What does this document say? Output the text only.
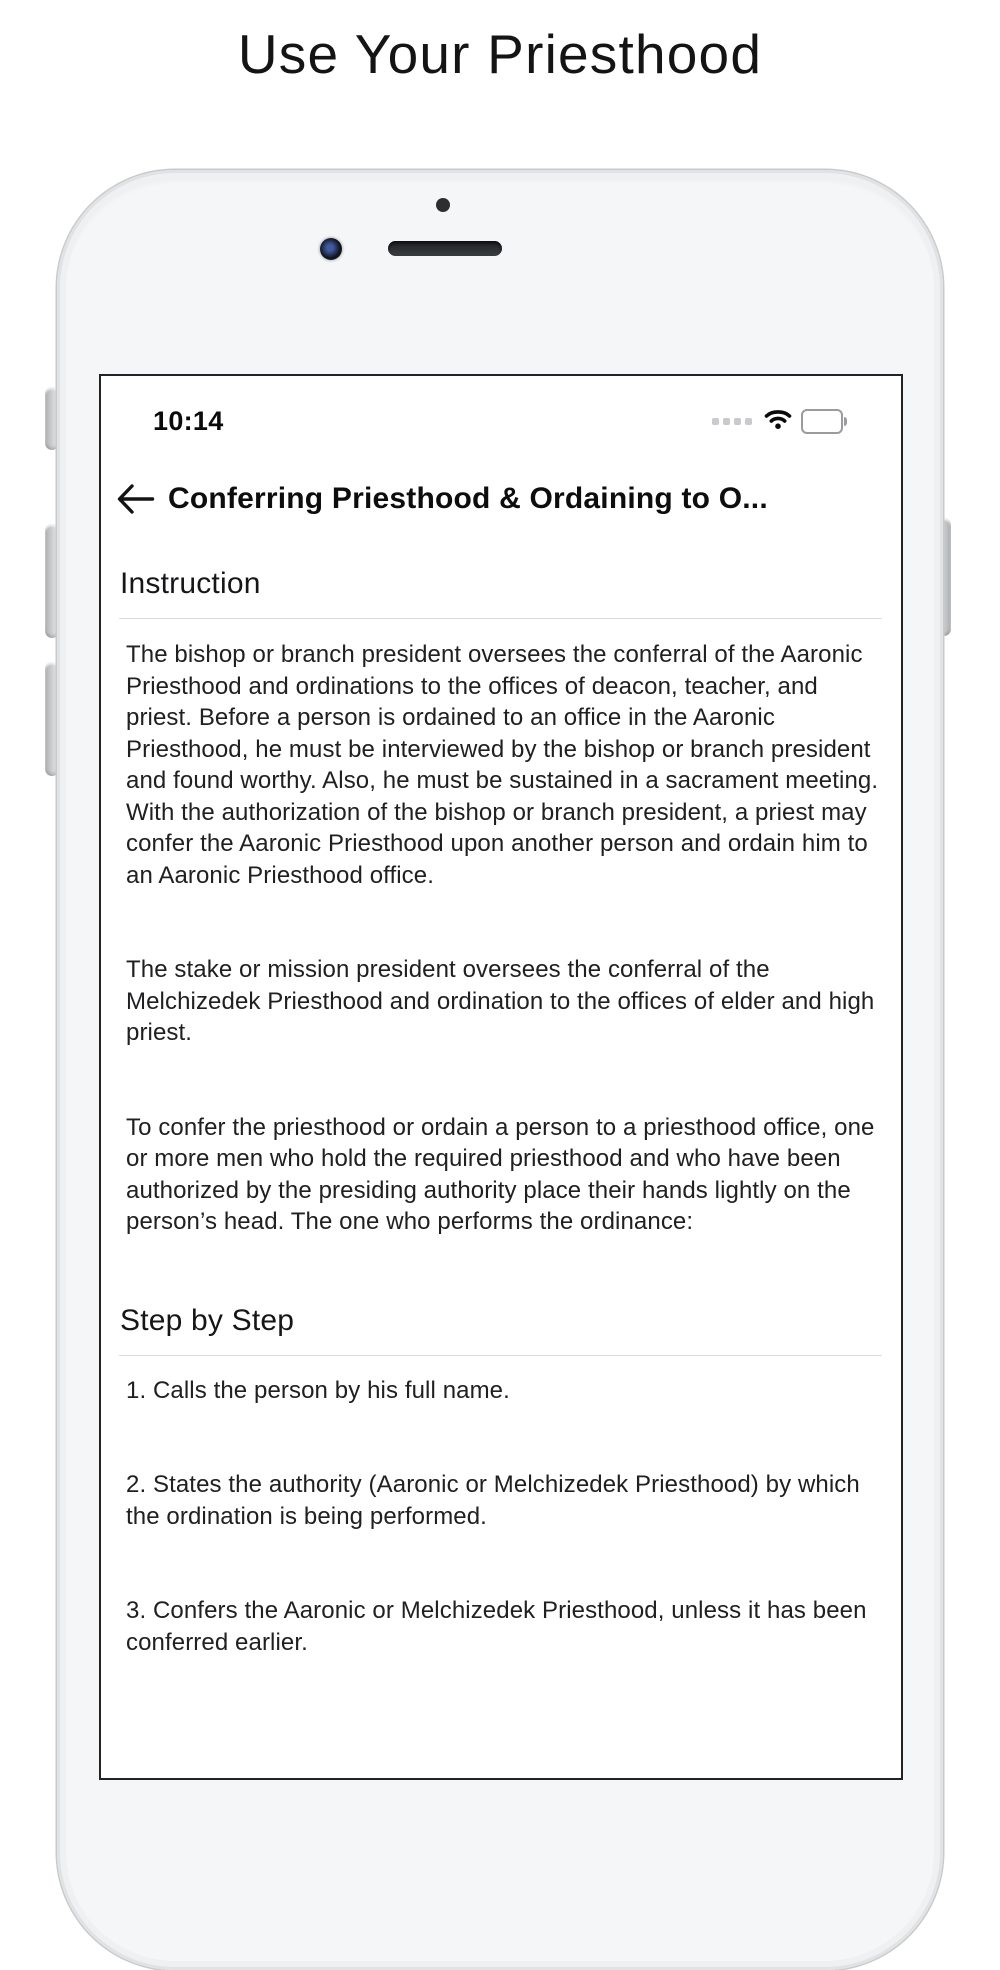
Use Your Priesthood
10:14
Conferring Priesthood & Ordaining to O...
Instruction

The bishop or branch president oversees the conferral of the Aaronic Priesthood and ordinations to the offices of deacon, teacher, and priest. Before a person is ordained to an office in the Aaronic Priesthood, he must be interviewed by the bishop or branch president and found worthy. Also, he must be sustained in a sacrament meeting. With the authorization of the bishop or branch president, a priest may confer the Aaronic Priesthood upon another person and ordain him to an Aaronic Priesthood office.

The stake or mission president oversees the conferral of the Melchizedek Priesthood and ordination to the offices of elder and high priest.

To confer the priesthood or ordain a person to a priesthood office, one or more men who hold the required priesthood and who have been authorized by the presiding authority place their hands lightly on the person’s head. The one who performs the ordinance:

Step by Step

1. Calls the person by his full name.

2. States the authority (Aaronic or Melchizedek Priesthood) by which the ordination is being performed.

3. Confers the Aaronic or Melchizedek Priesthood, unless it has been conferred earlier.
